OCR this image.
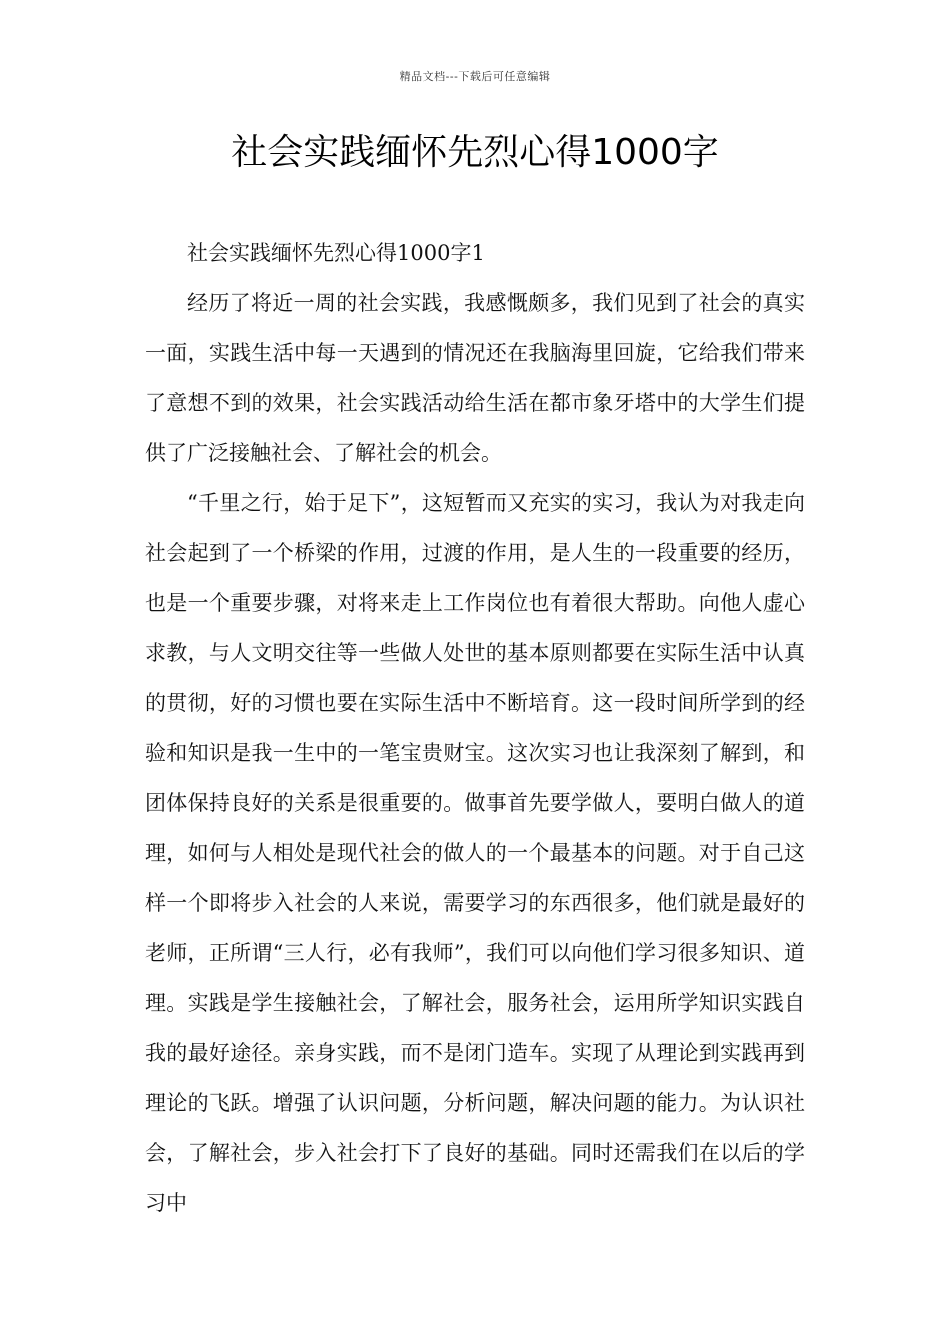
精品文档---下载后可任意编辑
社会实践缅怀先烈心得1000字

社会实践缅怀先烈心得1000字1

经历了将近一周的社会实践，我感慨颇多，我们见到了社会的真实一面，实践生活中每一天遇到的情况还在我脑海里回旋，它给我们带来了意想不到的效果，社会实践活动给生活在都市象牙塔中的大学生们提供了广泛接触社会、了解社会的机会。

“千里之行，始于足下”，这短暂而又充实的实习，我认为对我走向社会起到了一个桥梁的作用，过渡的作用，是人生的一段重要的经历，也是一个重要步骤，对将来走上工作岗位也有着很大帮助。向他人虚心求教，与人文明交往等一些做人处世的基本原则都要在实际生活中认真的贯彻，好的习惯也要在实际生活中不断培育。这一段时间所学到的经验和知识是我一生中的一笔宝贵财宝。这次实习也让我深刻了解到，和团体保持良好的关系是很重要的。做事首先要学做人，要明白做人的道理，如何与人相处是现代社会的做人的一个最基本的问题。对于自己这样一个即将步入社会的人来说，需要学习的东西很多，他们就是最好的老师，正所谓“三人行，必有我师”，我们可以向他们学习很多知识、道理。实践是学生接触社会，了解社会，服务社会，运用所学知识实践自我的最好途径。亲身实践，而不是闭门造车。实现了从理论到实践再到理论的飞跃。增强了认识问题，分析问题，解决问题的能力。为认识社会，了解社会，步入社会打下了良好的基础。同时还需我们在以后的学习中
